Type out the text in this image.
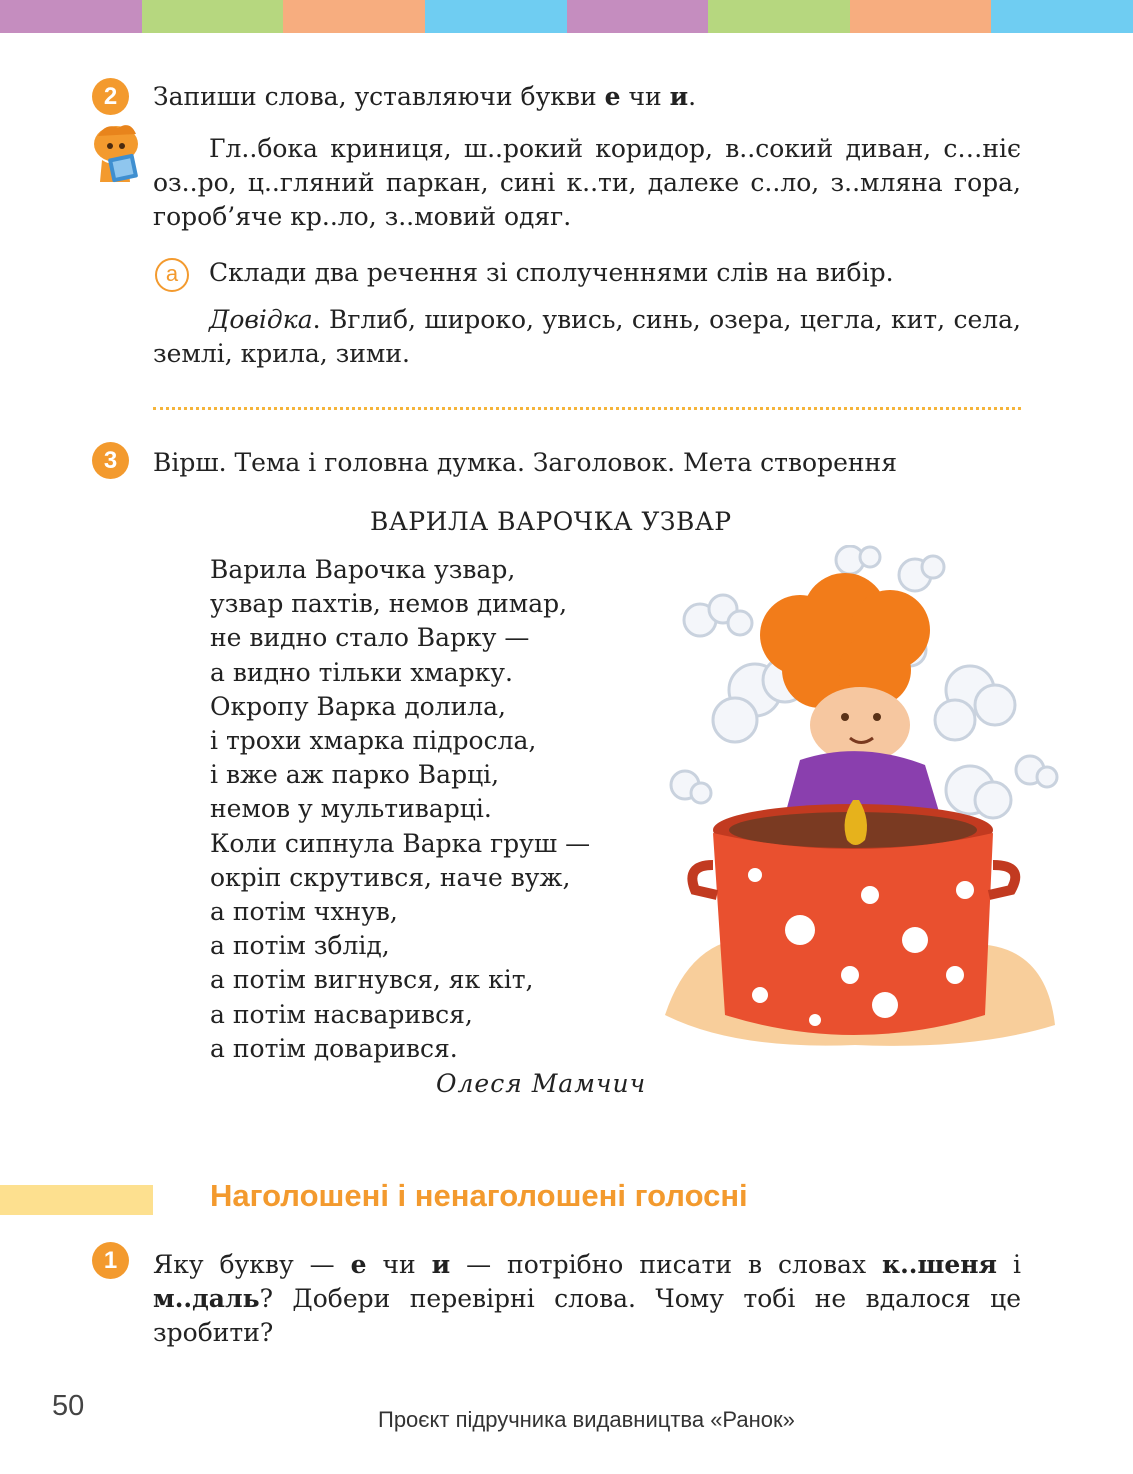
2	Запиши слова, уставляючи букви е чи и.

Гл..бока криниця, ш..рокий коридор, в..сокий диван, с…ніє оз..ро, ц..гляний паркан, сині к..ти, далеке с..ло, з..мляна гора, гороб’яче кр..ло, з..мовий одяг.

а	Склади два речення зі сполученнями слів на вибір.

Довідка. Вглиб, широко, увись, синь, озера, цегла, кит, села, землі, крила, зими.

3	Вірш. Тема і головна думка. Заголовок. Мета створення

ВАРИЛА ВАРОЧКА УЗВАР
Варила Варочка узвар,
узвар пахтів, немов димар,
не видно стало Варку —
а видно тільки хмарку.
Окропу Варка долила,
і трохи хмарка підросла,
і вже аж парко Варці,
немов у мультиварці.
Коли сипнула Варка груш —
окріп скрутився, наче вуж,
а потім чхнув,
а потім зблід,
а потім вигнувся, як кіт,
а потім насварився,
а потім доварився.
Олеся Мамчич
Наголошені і ненаголошені голосні
1	Яку букву — е чи и — потрібно писати в словах к..шеня і м..даль? Добери перевірні слова. Чому тобі не вдалося це зробити?

50	Проєкт підручника видавництва «Ранок»
